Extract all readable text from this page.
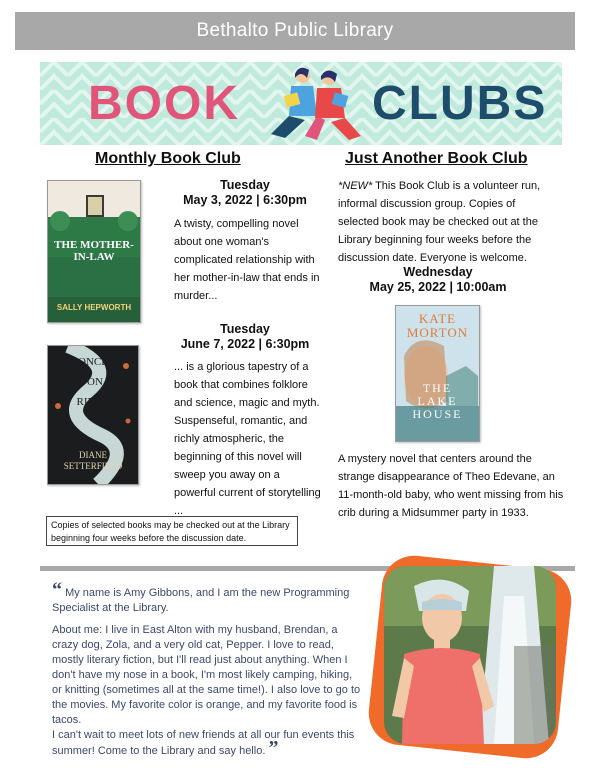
Bethalto Public Library
BOOK	CLUBS
Monthly Book Club	Just Another Book Club
THE MOTHER-IN-LAW
SALLY HEPWORTH
Tuesday
May 3, 2022 | 6:30pm
A twisty, compelling novel about one woman's complicated relationship with her mother-in-law that ends in murder...
ONCE
UPON A
RIVER
DIANE
SETTERFIELD
Tuesday
June 7, 2022 | 6:30pm
... is a glorious tapestry of a book that combines folklore and science, magic and myth. Suspenseful, romantic, and richly atmospheric, the beginning of this novel will sweep you away on a powerful current of storytelling ...
Copies of selected books may be checked out at the Library beginning four weeks before the discussion date.
*NEW* This Book Club is a volunteer run, informal discussion group. Copies of selected book may be checked out at the Library beginning four weeks before the discussion date. Everyone is welcome.
Wednesday
May 25, 2022 | 10:00am
KATE
MORTON
THE
LAKE
HOUSE
A mystery novel that centers around the strange disappearance of Theo Edevane, an 11-month-old baby, who went missing from his crib during a Midsummer party in 1933.
“ My name is Amy Gibbons, and I am the new Programming Specialist at the Library.
About me: I live in East Alton with my husband, Brendan, a crazy dog, Zola, and a very old cat, Pepper. I love to read, mostly literary fiction, but I'll read just about anything. When I don't have my nose in a book, I'm most likely camping, hiking, or knitting (sometimes all at the same time!). I also love to go to the movies. My favorite color is orange, and my favorite food is tacos.
I can't wait to meet lots of new friends at all our fun events this summer! Come to the Library and say hello. ”
